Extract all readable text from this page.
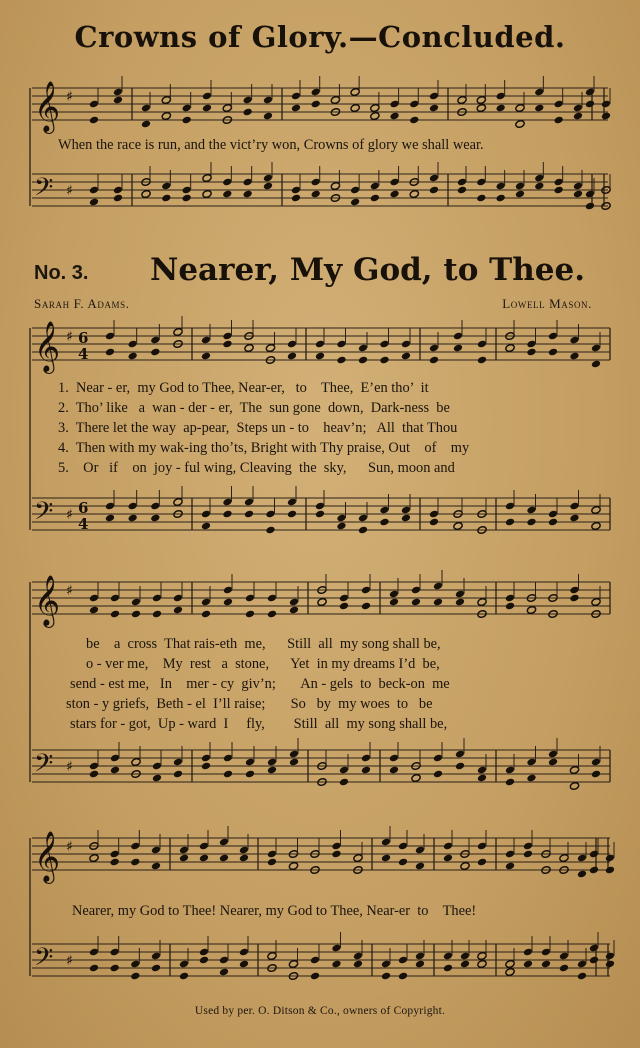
Crowns of Glory.—Concluded.
𝄞
𝄢
♯
♯
𝄞
𝄢
♯
♯
6
4
6
4
𝄞
𝄢
♯
♯
𝄞
𝄢
♯
♯
When the race is run, and the vict’ry won, Crowns of glory we shall wear.
No. 3. Nearer, My God, to Thee.
Sarah F. Adams.	Lowell Mason.
1.  Near - er,  my God to Thee, Near-er,   to    Thee,  E’en tho’  it
2.  Tho’ like   a  wan - der - er,  The  sun gone  down,  Dark-ness  be
3.  There let the way  ap-pear,  Steps un - to    heav’n;   All  that Thou
4.  Then with my wak-ing thoʼts, Bright with Thy praise, Out    of    my
5.    Or   if    on  joy - ful wing, Cleaving  the  sky,      Sun, moon and
be    a  cross  That rais-eth  me,      Still  all  my song shall be,
o - ver me,    My  rest   a  stone,      Yet  in my dreams I’d  be,
send - est me,   In    mer - cy  giv’n;       An - gels  to  beck-on  me
ston - y griefs,  Beth - el  I’ll raise;       So   by  my woes  to   be
stars for - got,  Up - ward  I     fly,        Still  all  my song shall be,
Nearer, my God to Thee! Nearer, my God to Thee, Near-er  to    Thee!
Used by per. O. Ditson & Co., owners of Copyright.
